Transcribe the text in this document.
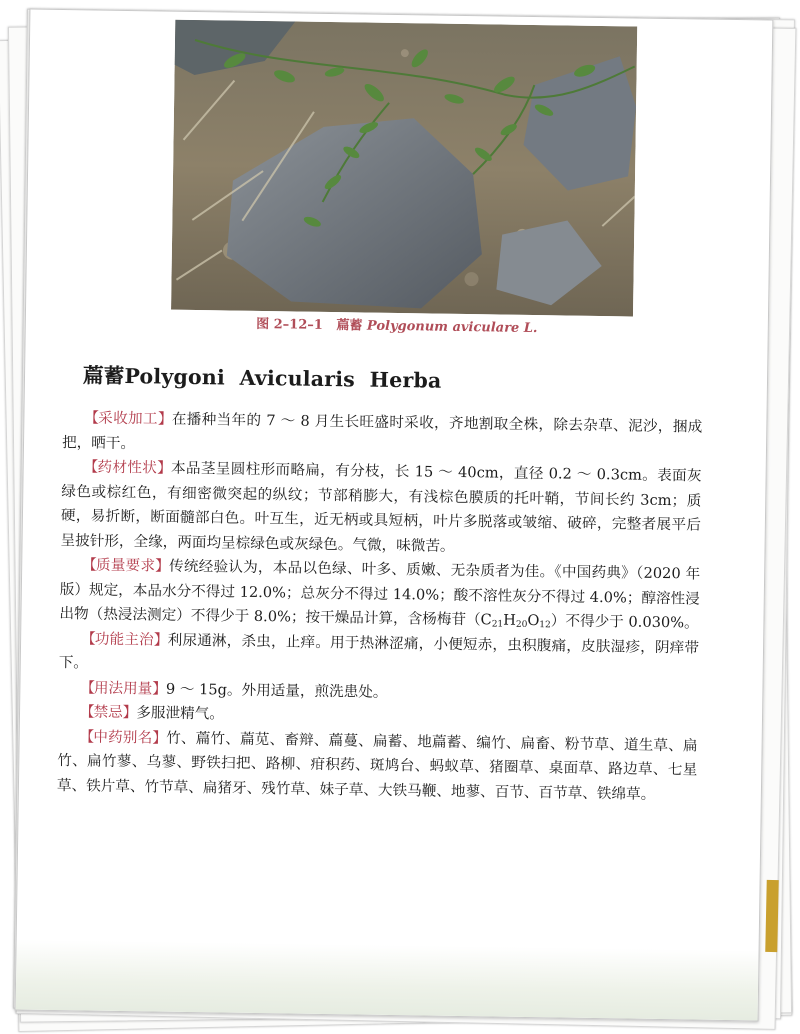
图 2–12–1 萹蓄 Polygonum aviculare L.
萹蓄Polygoni  Avicularis  Herba

【采收加工】在播种当年的 7 ～ 8 月生长旺盛时采收，齐地割取全株，除去杂草、泥沙，捆成把，晒干。

【药材性状】本品茎呈圆柱形而略扁，有分枝，长 15 ～ 40cm，直径 0.2 ～ 0.3cm。表面灰绿色或棕红色，有细密微突起的纵纹；节部稍膨大，有浅棕色膜质的托叶鞘，节间长约 3cm；质硬，易折断，断面髓部白色。叶互生，近无柄或具短柄，叶片多脱落或皱缩、破碎，完整者展平后呈披针形，全缘，两面均呈棕绿色或灰绿色。气微，味微苦。

【质量要求】传统经验认为，本品以色绿、叶多、质嫩、无杂质者为佳。《中国药典》（2020 年版）规定，本品水分不得过 12.0%；总灰分不得过 14.0%；酸不溶性灰分不得过 4.0%；醇溶性浸出物（热浸法测定）不得少于 8.0%；按干燥品计算，含杨梅苷$(C_{21}H_{20}O_{12})$不得少于 0.030%。

【功能主治】利尿通淋，杀虫，止痒。用于热淋涩痛，小便短赤，虫积腹痛，皮肤湿疹，阴痒带下。

【用法用量】9 ～ 15g。外用适量，煎洗患处。

【禁忌】多服泄精气。

【中药别名】竹、萹竹、萹苋、畜辩、萹蔓、扁蓄、地萹蓄、编竹、扁畜、粉节草、道生草、扁竹、扁竹蓼、乌蓼、野铁扫把、路柳、疳积药、斑鸠台、蚂蚁草、猪圈草、桌面草、路边草、七星草、铁片草、竹节草、扁猪牙、残竹草、妹子草、大铁马鞭、地蓼、百节、百节草、铁绵草。
